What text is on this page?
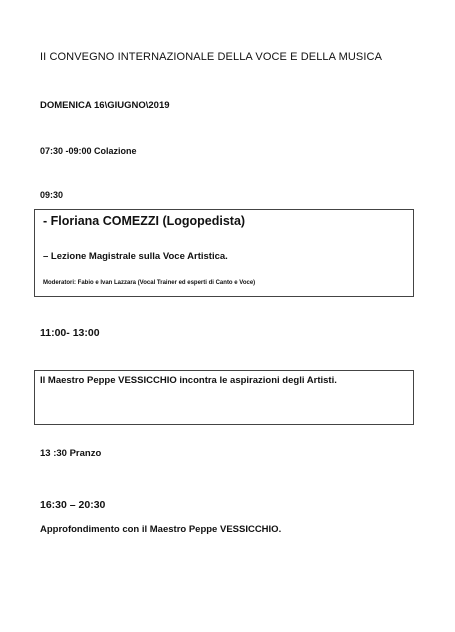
II CONVEGNO INTERNAZIONALE DELLA VOCE E DELLA MUSICA
DOMENICA 16\GIUGNO\2019
07:30 -09:00 Colazione
09:30
- Floriana COMEZZI (Logopedista)
– Lezione Magistrale sulla Voce Artistica.
Moderatori: Fabio e Ivan Lazzara (Vocal Trainer ed esperti di Canto e Voce)
11:00- 13:00
Il Maestro Peppe VESSICCHIO incontra le aspirazioni degli Artisti.
13 :30 Pranzo
16:30 – 20:30
Approfondimento con il Maestro Peppe VESSICCHIO.
